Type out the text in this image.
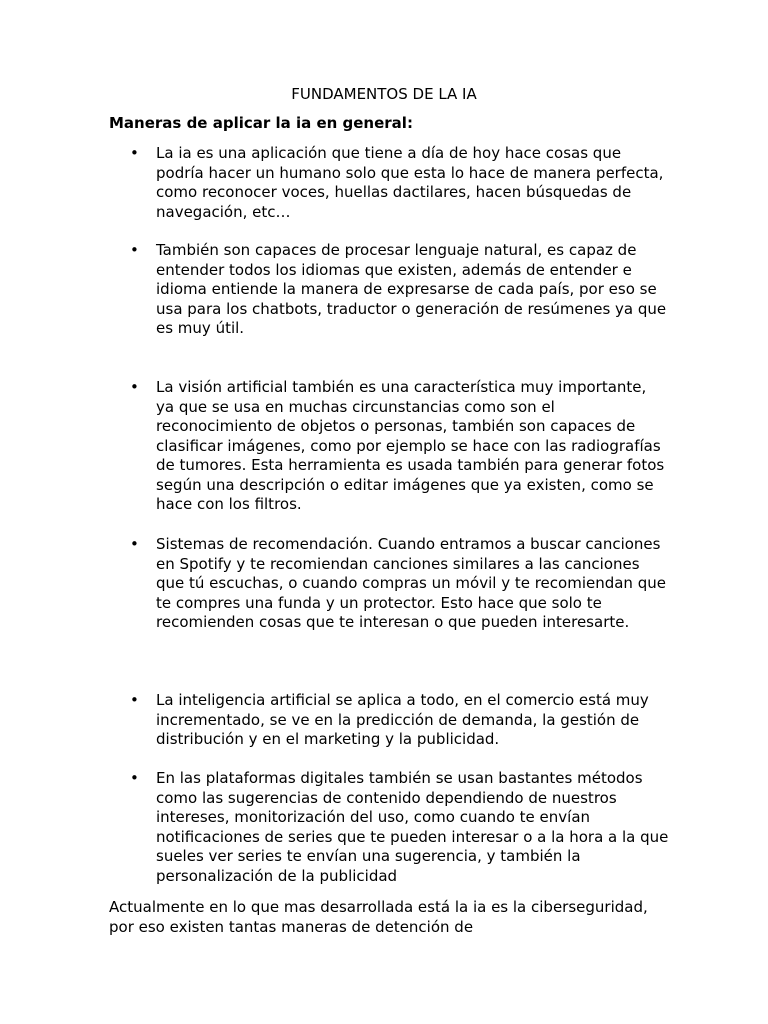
FUNDAMENTOS DE LA IA
Maneras de aplicar la ia en general:
•	La ia es una aplicación que tiene a día de hoy hace cosas que podría hacer un humano solo que esta lo hace de manera perfecta, como reconocer voces, huellas dactilares, hacen búsquedas de navegación, etc…
•	También son capaces de procesar lenguaje natural, es capaz de entender todos los idiomas que existen, además de entender e idioma entiende la manera de expresarse de cada país, por eso se usa para los chatbots, traductor o generación de resúmenes ya que es muy útil.
•	La visión artificial también es una característica muy importante, ya que se usa en muchas circunstancias como son el reconocimiento de objetos o personas, también son capaces de clasificar imágenes, como por ejemplo se hace con las radiografías de tumores. Esta herramienta es usada también para generar fotos según una descripción o editar imágenes que ya existen, como se hace con los filtros.
•	Sistemas de recomendación. Cuando entramos a buscar canciones en Spotify y te recomiendan canciones similares a las canciones que tú escuchas, o cuando compras un móvil y te recomiendan que te compres una funda y un protector. Esto hace que solo te recomienden cosas que te interesan o que pueden interesarte.
•	La inteligencia artificial se aplica a todo, en el comercio está muy incrementado, se ve en la predicción de demanda, la gestión de distribución y en el marketing y la publicidad.
•	En las plataformas digitales también se usan bastantes métodos como las sugerencias de contenido dependiendo de nuestros intereses, monitorización del uso, como cuando te envían notificaciones de series que te pueden interesar o a la hora a la que sueles ver series te envían una sugerencia, y también la personalización de la publicidad
Actualmente en lo que mas desarrollada está la ia es la ciberseguridad, por eso existen tantas maneras de detención de
